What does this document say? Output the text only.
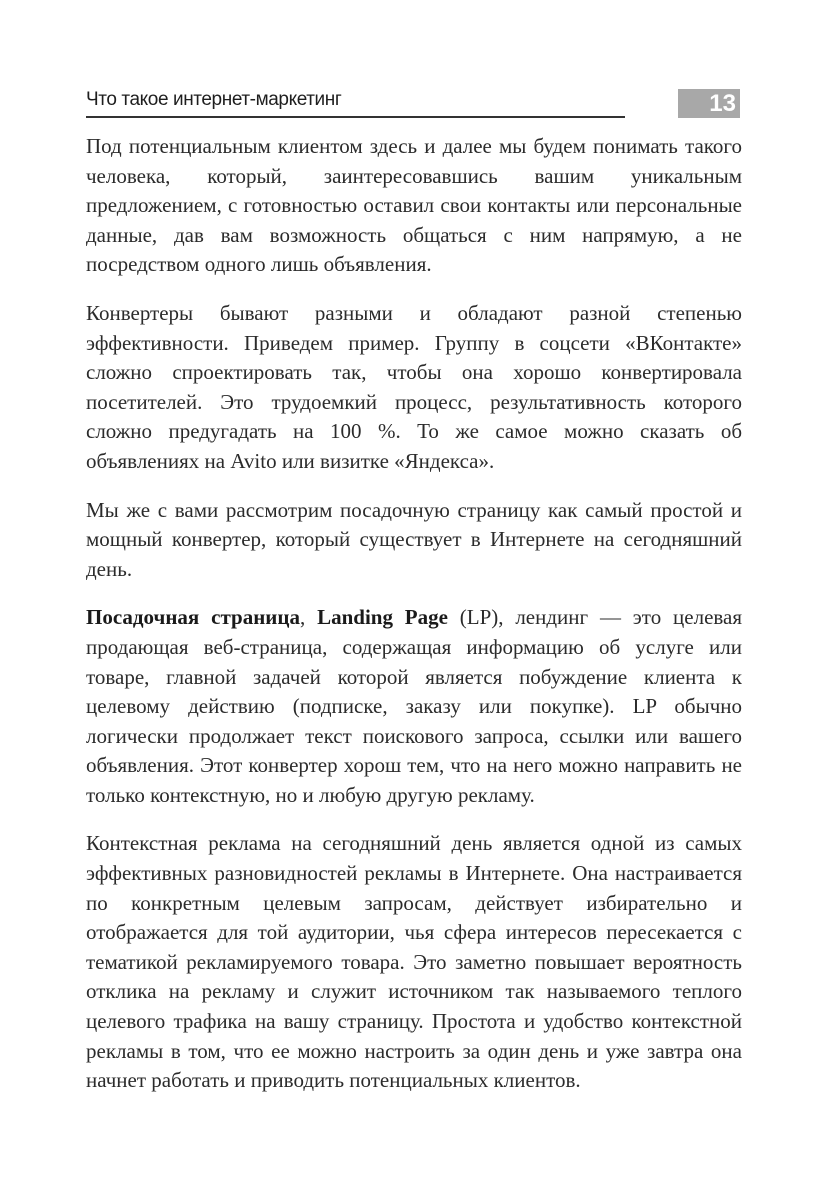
Что такое интернет-маркетинг	13

Под потенциальным клиентом здесь и далее мы будем понимать такого человека, который, заинтересовавшись вашим уникальным предложением, с готовностью оставил свои контакты или персональные данные, дав вам возможность общаться с ним напрямую, а не посредством одного лишь объявления.

Конвертеры бывают разными и обладают разной степенью эффективности. Приведем пример. Группу в соцсети «ВКонтакте» сложно спроектировать так, чтобы она хорошо конвертировала посетителей. Это трудоемкий процесс, результативность которого сложно предугадать на 100 %. То же самое можно сказать об объявлениях на Avito или визитке «Яндекса».

Мы же с вами рассмотрим посадочную страницу как самый простой и мощный конвертер, который существует в Интернете на сегодняшний день.

Посадочная страница, Landing Page (LP), лендинг — это целевая продающая веб-страница, содержащая информацию об услуге или товаре, главной задачей которой является побуждение клиента к целевому действию (подписке, заказу или покупке). LP обычно логически продолжает текст поискового запроса, ссылки или вашего объявления. Этот конвертер хорош тем, что на него можно направить не только контекстную, но и любую другую рекламу.

Контекстная реклама на сегодняшний день является одной из самых эффективных разновидностей рекламы в Интернете. Она настраивается по конкретным целевым запросам, действует избирательно и отображается для той аудитории, чья сфера интересов пересекается с тематикой рекламируемого товара. Это заметно повышает вероятность отклика на рекламу и служит источником так называемого теплого целевого трафика на вашу страницу. Простота и удобство контекстной рекламы в том, что ее можно настроить за один день и уже завтра она начнет работать и приводить потенциальных клиентов.
